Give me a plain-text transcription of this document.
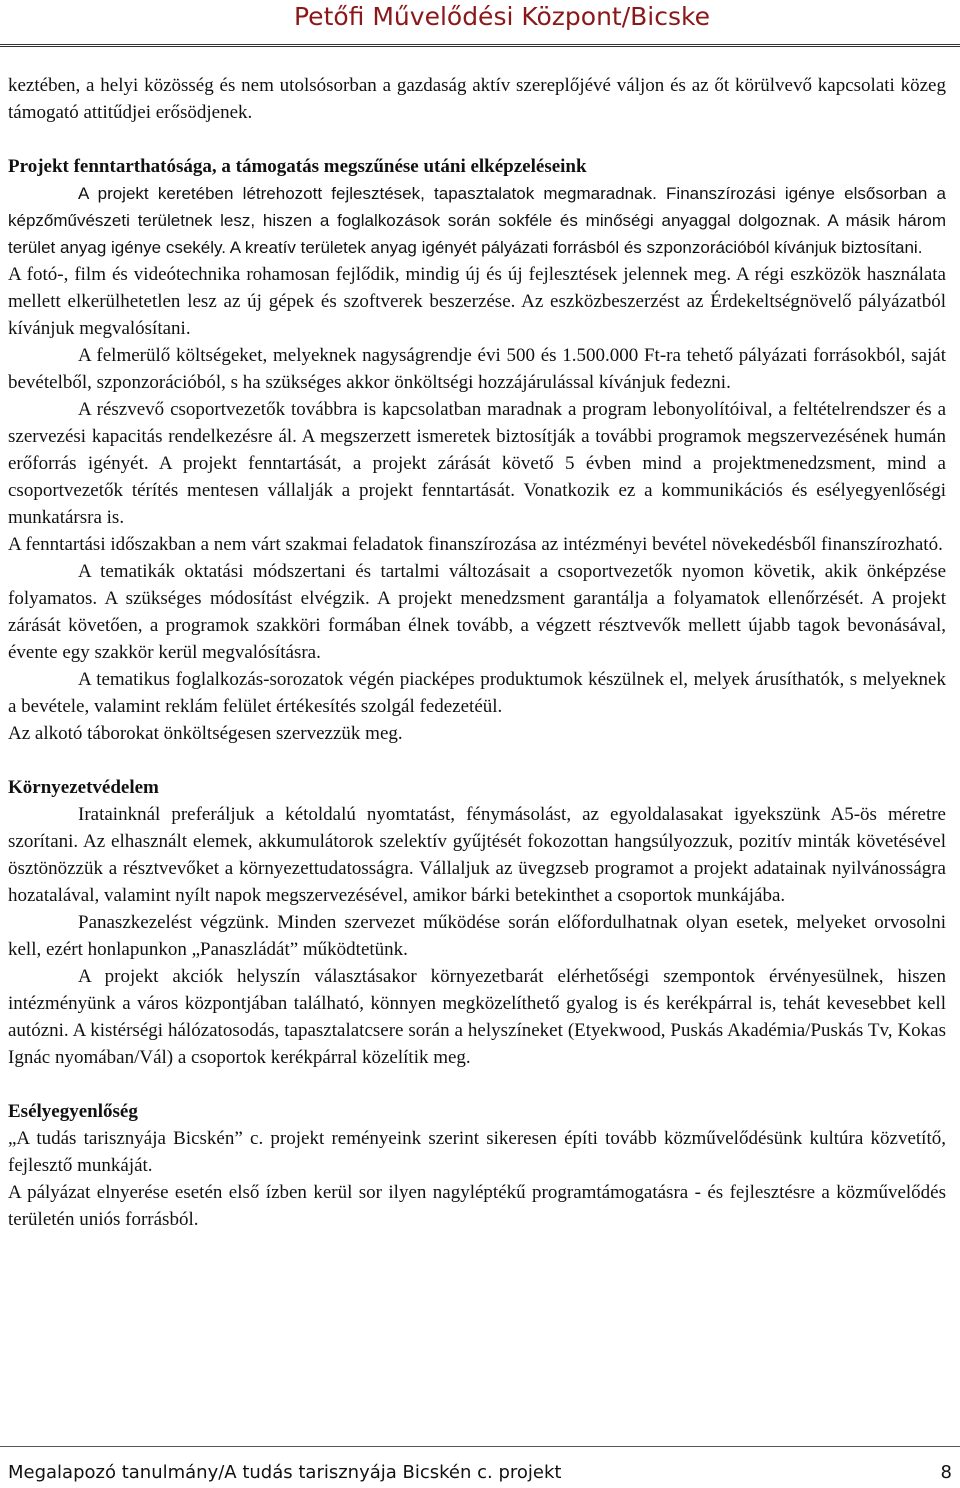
Petőfi Művelődési Központ/Bicske

keztében, a helyi közösség és nem utolsósorban a gazdaság aktív szereplőjévé váljon és az őt körülvevő kapcsolati közeg támogató attitűdjei erősödjenek.

Projekt fenntarthatósága, a támogatás megszűnése utáni elképzeléseink

A projekt keretében létrehozott fejlesztések, tapasztalatok megmaradnak. Finanszírozási igénye elsősorban a képzőművészeti területnek lesz, hiszen a foglalkozások során sokféle és minőségi anyaggal dolgoznak. A másik három terület anyag igénye csekély. A kreatív területek anyag igényét pályázati forrásból és szponzorációból kívánjuk biztosítani.

A fotó-, film és videótechnika rohamosan fejlődik, mindig új és új fejlesztések jelennek meg. A régi eszközök használata mellett elkerülhetetlen lesz az új gépek és szoftverek beszerzése. Az eszközbeszerzést az Érdekeltségnövelő pályázatból kívánjuk megvalósítani.

A felmerülő költségeket, melyeknek nagyságrendje évi 500 és 1.500.000 Ft-ra tehető pályázati forrásokból, saját bevételből, szponzorációból, s ha szükséges akkor önköltségi hozzájárulással kívánjuk fedezni.

A részvevő csoportvezetők továbbra is kapcsolatban maradnak a program lebonyolítóival, a feltételrendszer és a szervezési kapacitás rendelkezésre ál. A megszerzett ismeretek biztosítják a további programok megszervezésének humán erőforrás igényét. A projekt fenntartását, a projekt zárását követő 5 évben mind a projektmenedzsment, mind a csoportvezetők térítés mentesen vállalják a projekt fenntartását. Vonatkozik ez a kommunikációs és esélyegyenlőségi munkatársra is.

A fenntartási időszakban a nem várt szakmai feladatok finanszírozása az intézményi bevétel növekedésből finanszírozható.

A tematikák oktatási módszertani és tartalmi változásait a csoportvezetők nyomon követik, akik önképzése folyamatos. A szükséges módosítást elvégzik. A projekt menedzsment garantálja a folyamatok ellenőrzését. A projekt zárását követően, a programok szakköri formában élnek tovább, a végzett résztvevők mellett újabb tagok bevonásával, évente egy szakkör kerül megvalósításra.

A tematikus foglalkozás-sorozatok végén piacképes produktumok készülnek el, melyek árusíthatók, s melyeknek a bevétele, valamint reklám felület értékesítés szolgál fedezetéül.

Az alkotó táborokat önköltségesen szervezzük meg.

Környezetvédelem

Iratainknál preferáljuk a kétoldalú nyomtatást, fénymásolást, az egyoldalasakat igyekszünk A5-ös méretre szorítani. Az elhasznált elemek, akkumulátorok szelektív gyűjtését fokozottan hangsúlyozzuk, pozitív minták követésével ösztönözzük a résztvevőket a környezettudatosságra. Vállaljuk az üvegzseb programot a projekt adatainak nyilvánosságra hozatalával, valamint nyílt napok megszervezésével, amikor bárki betekinthet a csoportok munkájába.

Panaszkezelést végzünk. Minden szervezet működése során előfordulhatnak olyan esetek, melyeket orvosolni kell, ezért honlapunkon „Panaszládát” működtetünk.

A projekt akciók helyszín választásakor környezetbarát elérhetőségi szempontok érvényesülnek, hiszen intézményünk a város központjában található, könnyen megközelíthető gyalog is és kerékpárral is, tehát kevesebbet kell autózni. A kistérségi hálózatosodás, tapasztalatcsere során a helyszíneket (Etyekwood, Puskás Akadémia/Puskás Tv, Kokas Ignác nyomában/Vál) a csoportok kerékpárral közelítik meg.

Esélyegyenlőség

„A tudás tarisznyája Bicskén” c. projekt reményeink szerint sikeresen építi tovább közművelődésünk kultúra közvetítő, fejlesztő munkáját.

A pályázat elnyerése esetén első ízben kerül sor ilyen nagyléptékű programtámogatásra - és fejlesztésre a közművelődés területén uniós forrásból.

Megalapozó tanulmány/A tudás tarisznyája Bicskén c. projekt	8
